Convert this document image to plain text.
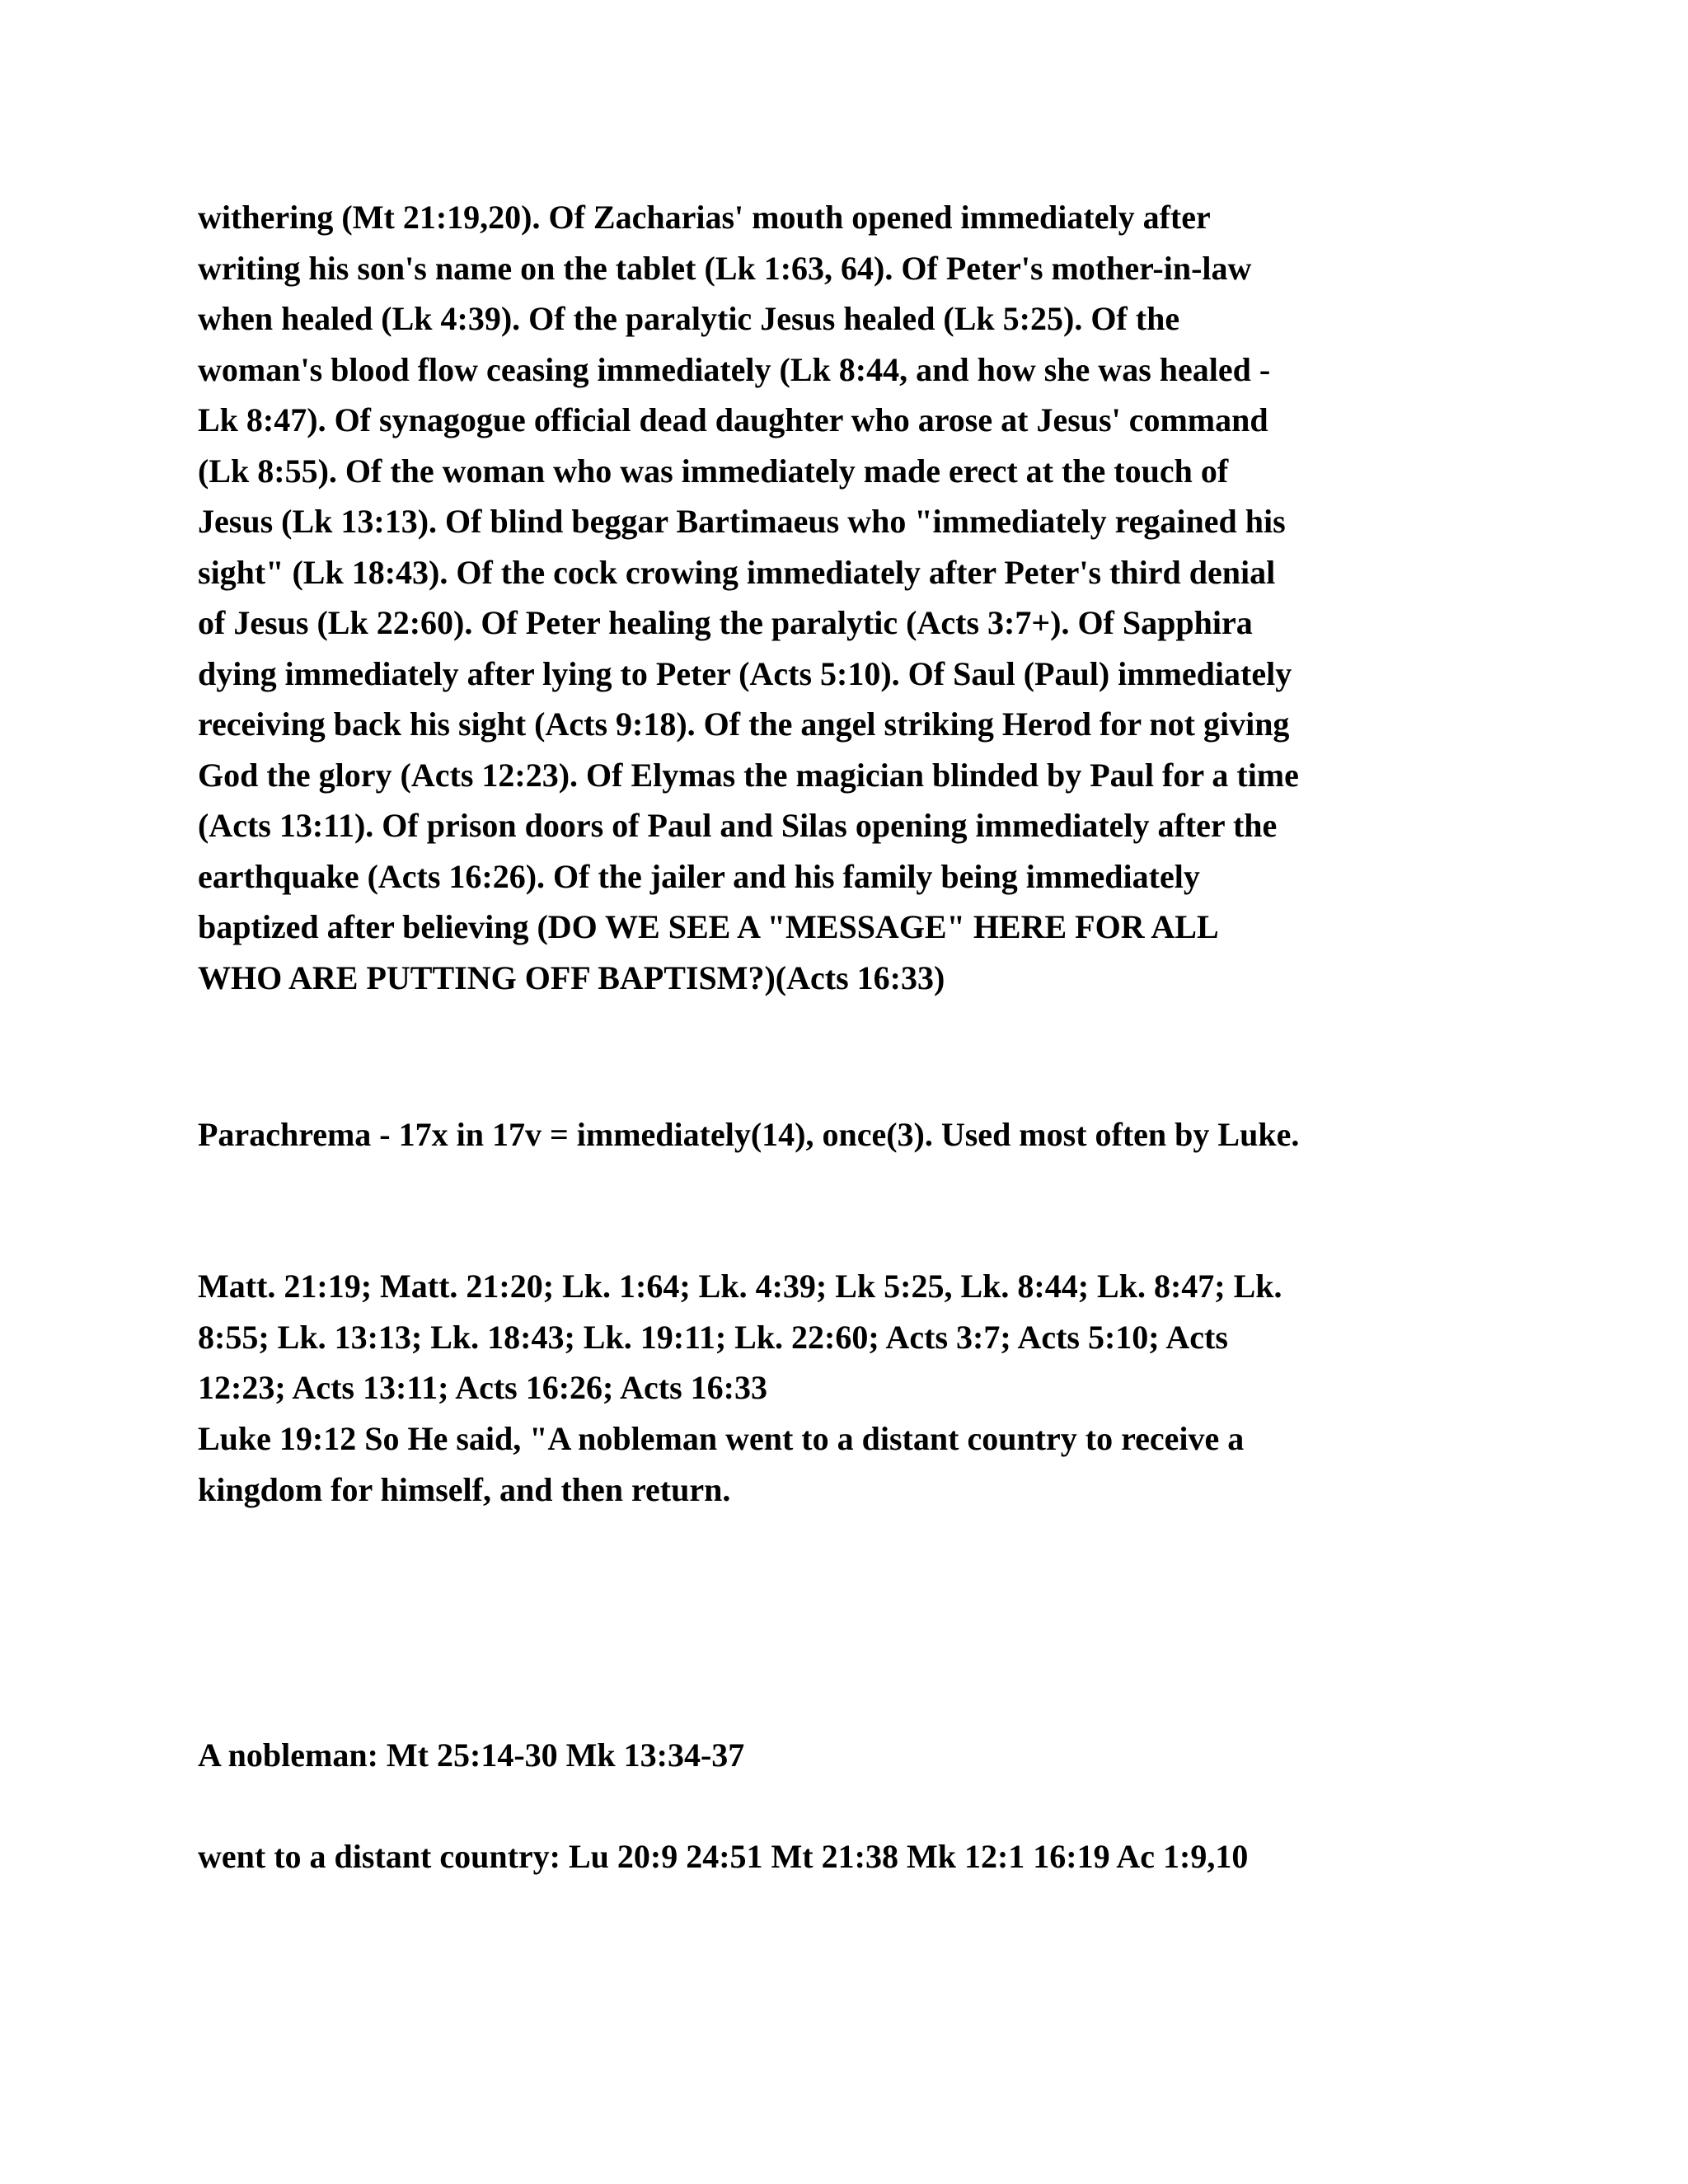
withering (Mt 21:19,20). Of Zacharias' mouth opened immediately after
writing his son's name on the tablet (Lk 1:63, 64). Of Peter's mother-in-law
when healed (Lk 4:39). Of the paralytic Jesus healed (Lk 5:25). Of the
woman's blood flow ceasing immediately (Lk 8:44, and how she was healed -
Lk 8:47). Of synagogue official dead daughter who arose at Jesus' command
(Lk 8:55). Of the woman who was immediately made erect at the touch of
Jesus (Lk 13:13). Of blind beggar Bartimaeus who "immediately regained his
sight" (Lk 18:43). Of the cock crowing immediately after Peter's third denial
of Jesus (Lk 22:60). Of Peter healing the paralytic (Acts 3:7+). Of Sapphira
dying immediately after lying to Peter (Acts 5:10). Of Saul (Paul) immediately
receiving back his sight (Acts 9:18). Of the angel striking Herod for not giving
God the glory (Acts 12:23). Of Elymas the magician blinded by Paul for a time
(Acts 13:11). Of prison doors of Paul and Silas opening immediately after the
earthquake (Acts 16:26). Of the jailer and his family being immediately
baptized after believing (DO WE SEE A "MESSAGE" HERE FOR ALL
WHO ARE PUTTING OFF BAPTISM?)(Acts 16:33)

Parachrema - 17x in 17v = immediately(14), once(3). Used most often by Luke.

Matt. 21:19; Matt. 21:20; Lk. 1:64; Lk. 4:39; Lk 5:25, Lk. 8:44; Lk. 8:47; Lk.
8:55; Lk. 13:13; Lk. 18:43; Lk. 19:11; Lk. 22:60; Acts 3:7; Acts 5:10; Acts
12:23; Acts 13:11; Acts 16:26; Acts 16:33

Luke 19:12 So He said, "A nobleman went to a distant country to receive a
kingdom for himself, and then return.

A nobleman: Mt 25:14-30 Mk 13:34-37

went to a distant country: Lu 20:9 24:51 Mt 21:38 Mk 12:1 16:19 Ac 1:9,10
